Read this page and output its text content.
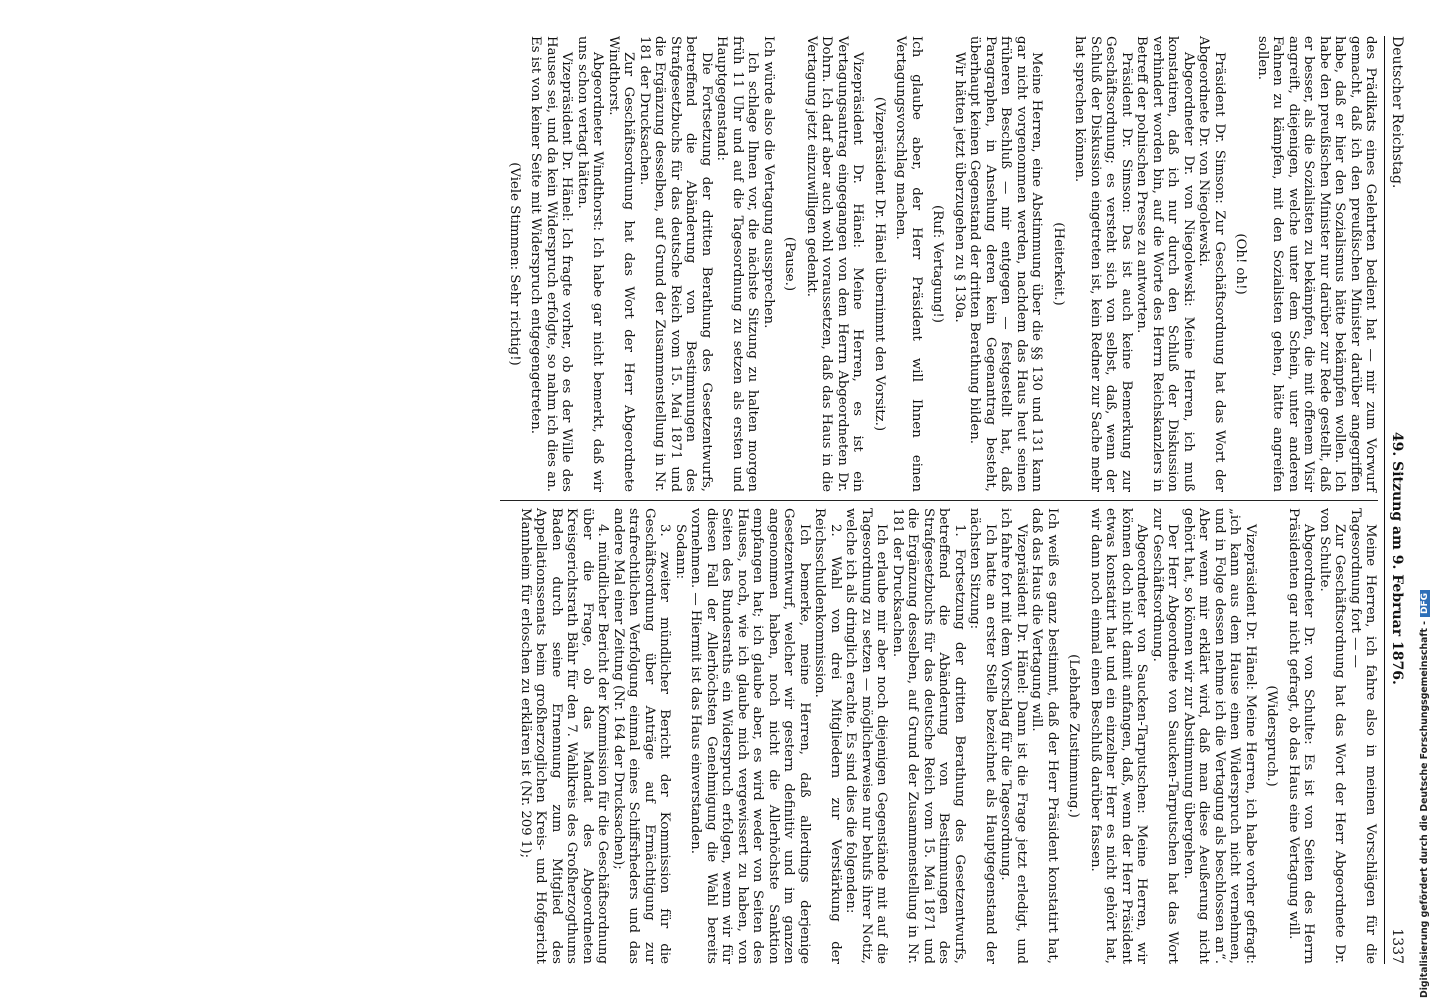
Deutscher Reichstag.
49. Sitzung am 9. Februar 1876.
1337

des Prädikats eines Gelehrten bedient hat — mir zum Vorwurf gemacht, daß ich den preußischen Minister darüber angegriffen habe, daß er hier den Sozialismus hätte bekämpfen wollen. Ich habe den preußischen Minister nur darüber zur Rede gestellt, daß er besser, als die Sozialisten zu bekämpfen, die mit offenem Visir angreift, diejenigen, welche unter dem Schein, unter anderen Fahnen zu kämpfen, mit den Sozialisten gehen, hätte angreifen sollen.

(Oh! oh!)

Präsident Dr. Simson: Zur Geschäftsordnung hat das Wort der Abgeordnete Dr. von Niegolewski.

Abgeordneter Dr. von Niegolewski: Meine Herren, ich muß konstatiren, daß ich nur durch den Schluß der Diskussion verhindert worden bin, auf die Worte des Herrn Reichskanzlers in Betreff der polnischen Presse zu antworten.

Präsident Dr. Simson: Das ist auch keine Bemerkung zur Geschäftsordnung; es versteht sich von selbst, daß, wenn der Schluß der Diskussion eingetreten ist, kein Redner zur Sache mehr hat sprechen können.

(Heiterkeit.)

Meine Herren, eine Abstimmung über die §§ 130 und 131 kann gar nicht vorgenommen werden, nachdem das Haus heut seinen früheren Beschluß — mir entgegen — festgestellt hat, daß Paragraphen, in Ansehung deren kein Gegenantrag besteht, überhaupt keinen Gegenstand der dritten Berathung bilden.

Wir hätten jetzt überzugehen zu § 130a.

(Ruf: Vertagung!)

Ich glaube aber, der Herr Präsident will Ihnen einen Vertagungsvorschlag machen.

(Vizepräsident Dr. Hänel übernimmt den Vorsitz.)

Vizepräsident Dr. Hänel: Meine Herren, es ist ein Vertagungsantrag eingegangen von dem Herrn Abgeordneten Dr. Dohrn. Ich darf aber auch wohl voraussetzen, daß das Haus in die Vertagung jetzt einzuwilligen gedenkt.

(Pause.)

Ich würde also die Vertagung aussprechen.

Ich schlage Ihnen vor, die nächste Sitzung zu halten morgen früh 11 Uhr und auf die Tagesordnung zu setzen als ersten und Hauptgegenstand:

Die Fortsetzung der dritten Berathung des Gesetzentwurfs, betreffend die Abänderung von Bestimmungen des Strafgesetzbuchs für das deutsche Reich vom 15. Mai 1871 und die Ergänzung desselben, auf Grund der Zusammenstellung in Nr. 181 der Drucksachen.

Zur Geschäftsordnung hat das Wort der Herr Abgeordnete Windthorst.

Abgeordneter Windthorst: Ich habe gar nicht bemerkt, daß wir uns schon vertagt hätten.

Vizepräsident Dr. Hänel: Ich fragte vorher, ob es der Wille des Hauses sei, und da kein Widerspruch erfolgte, so nahm ich dies an. Es ist von keiner Seite mit Widerspruch entgegengetreten.

(Viele Stimmen: Sehr richtig!)

Meine Herren, ich fahre also in meinen Vorschlägen für die Tagesordnung fort — —

Zur Geschäftsordnung hat das Wort der Herr Abgeordnete Dr. von Schulte.

Abgeordneter Dr. von Schulte: Es ist von Seiten des Herrn Präsidenten gar nicht gefragt, ob das Haus eine Vertagung will.

(Widerspruch.)

Vizepräsident Dr. Hänel: Meine Herren, ich habe vorher gefragt: „ich kann aus dem Hause einen Widerspruch nicht vernehmen, und in Folge dessen nehme ich die Vertagung als beschlossen an“. Aber wenn mir erklärt wird, daß man diese Aeußerung nicht gehört hat, so können wir zur Abstimmung übergehen.

Der Herr Abgeordnete von Saucken-Tarputschen hat das Wort zur Geschäftsordnung.

Abgeordneter von Saucken-Tarputschen: Meine Herren, wir können doch nicht damit anfangen, daß, wenn der Herr Präsident etwas konstatirt hat und ein einzelner Herr es nicht gehört hat, wir dann noch einmal einen Beschluß darüber fassen.

(Lebhafte Zustimmung.)

Ich weiß es ganz bestimmt, daß der Herr Präsident konstatirt hat, daß das Haus die Vertagung will.

Vizepräsident Dr. Hänel: Dann ist die Frage jetzt erledigt, und ich fahre fort mit dem Vorschlag für die Tagesordnung.

Ich hatte an erster Stelle bezeichnet als Hauptgegenstand der nächsten Sitzung:

1. Fortsetzung der dritten Berathung des Gesetzentwurfs, betreffend die Abänderung von Bestimmungen des Strafgesetzbuchs für das deutsche Reich vom 15. Mai 1871 und die Ergänzung desselben, auf Grund der Zusammenstellung in Nr. 181 der Drucksachen.

Ich erlaube mir aber noch diejenigen Gegenstände mit auf die Tagesordnung zu setzen — möglicherweise nur behufs ihrer Notiz, welche ich als dringlich erachte. Es sind dies die folgenden:

2. Wahl von drei Mitgliedern zur Verstärkung der Reichsschuldenkommission.

Ich bemerke, meine Herren, daß allerdings derjenige Gesetzentwurf, welcher wir gestern definitiv und im ganzen angenommen haben, noch nicht die Allerhöchste Sanktion empfangen hat; ich glaube aber, es wird weder von Seiten des Hauses, noch, wie ich glaube mich vergewissert zu haben, von Seiten des Bundesraths ein Widerspruch erfolgen, wenn wir für diesen Fall der Allerhöchsten Genehmigung die Wahl bereits vornehmen. — Hiermit ist das Haus einverstanden.

Sodann:

3. zweiter mündlicher Bericht der Kommission für die Geschäftsordnung über Anträge auf Ermächtigung zur strafrechtlichen Verfolgung einmal eines Schiffsrheders und das andere Mal einer Zeitung (Nr. 164 der Drucksachen);

4. mündlicher Bericht der Kommission für die Geschäftsordnung über die Frage, ob das Mandat des Abgeordneten Kreisgerichtsrath Bähr für den 7. Wahlkreis des Großherzogthums Baden durch seine Ernennung zum Mitglied des Appellationssenats beim großherzoglichen Kreis- und Hofgericht Mannheim für erloschen zu erklären ist (Nr. 209 1);	Digitalisierung gefördert durch die Deutsche Forschungsgemeinschaft -DFG
